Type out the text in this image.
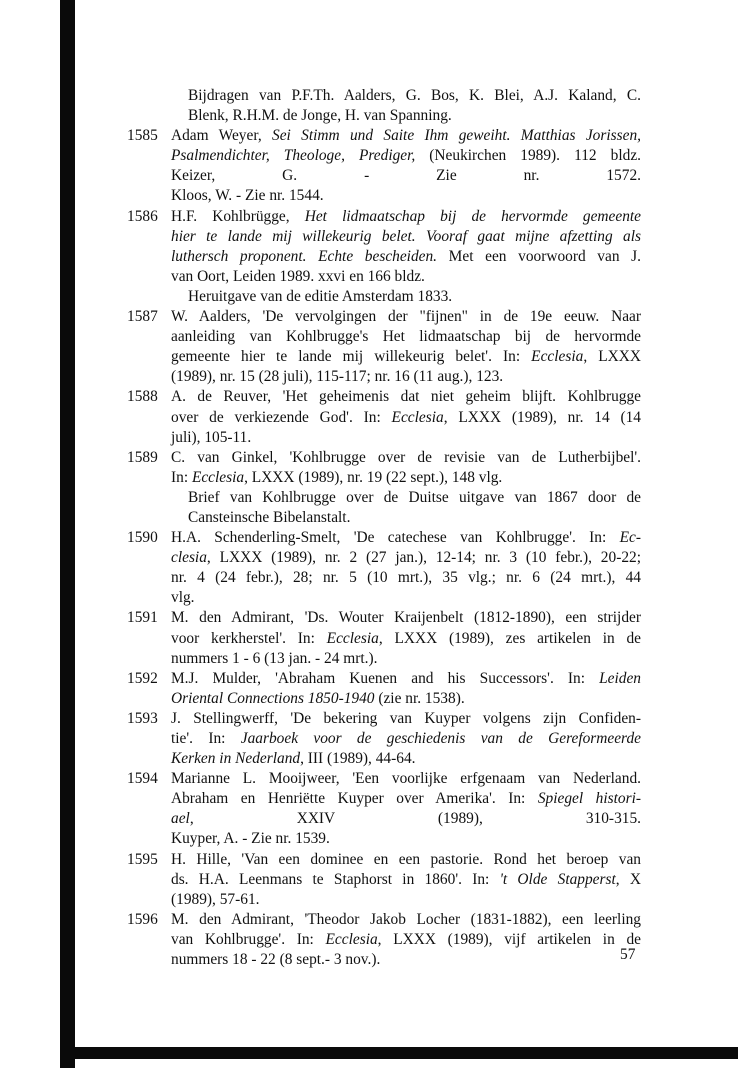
Bijdragen van P.F.Th. Aalders, G. Bos, K. Blei, A.J. Kaland, C.
Blenk, R.H.M. de Jonge, H. van Spanning.
1585 Adam Weyer, Sei Stimm und Saite Ihm geweiht. Matthias Jorissen,
Psalmendichter, Theologe, Prediger, (Neukirchen 1989). 112 bldz.
Keizer, G. - Zie nr. 1572.
Kloos, W. - Zie nr. 1544.
1586 H.F. Kohlbrügge, Het lidmaatschap bij de hervormde gemeente
hier te lande mij willekeurig belet. Vooraf gaat mijne afzetting als
luthersch proponent. Echte bescheiden. Met een voorwoord van J.
van Oort, Leiden 1989. xxvi en 166 bldz.
Heruitgave van de editie Amsterdam 1833.
1587 W. Aalders, 'De vervolgingen der "fijnen" in de 19e eeuw. Naar
aanleiding van Kohlbrugge's Het lidmaatschap bij de hervormde
gemeente hier te lande mij willekeurig belet'. In: Ecclesia, LXXX
(1989), nr. 15 (28 juli), 115-117; nr. 16 (11 aug.), 123.
1588 A. de Reuver, 'Het geheimenis dat niet geheim blijft. Kohlbrugge
over de verkiezende God'. In: Ecclesia, LXXX (1989), nr. 14 (14
juli), 105-11.
1589 C. van Ginkel, 'Kohlbrugge over de revisie van de Lutherbijbel'.
In: Ecclesia, LXXX (1989), nr. 19 (22 sept.), 148 vlg.
Brief van Kohlbrugge over de Duitse uitgave van 1867 door de
Cansteinsche Bibelanstalt.
1590 H.A. Schenderling-Smelt, 'De catechese van Kohlbrugge'. In: Ec-
clesia, LXXX (1989), nr. 2 (27 jan.), 12-14; nr. 3 (10 febr.), 20-22;
nr. 4 (24 febr.), 28; nr. 5 (10 mrt.), 35 vlg.; nr. 6 (24 mrt.), 44
vlg.
1591 M. den Admirant, 'Ds. Wouter Kraijenbelt (1812-1890), een strijder
voor kerkherstel'. In: Ecclesia, LXXX (1989), zes artikelen in de
nummers 1 - 6 (13 jan. - 24 mrt.).
1592 M.J. Mulder, 'Abraham Kuenen and his Successors'. In: Leiden
Oriental Connections 1850-1940 (zie nr. 1538).
1593 J. Stellingwerff, 'De bekering van Kuyper volgens zijn Confiden-
tie'. In: Jaarboek voor de geschiedenis van de Gereformeerde
Kerken in Nederland, III (1989), 44-64.
1594 Marianne L. Mooijweer, 'Een voorlijke erfgenaam van Nederland.
Abraham en Henriëtte Kuyper over Amerika'. In: Spiegel histori-
ael, XXIV (1989), 310-315.
Kuyper, A. - Zie nr. 1539.
1595 H. Hille, 'Van een dominee en een pastorie. Rond het beroep van
ds. H.A. Leenmans te Staphorst in 1860'. In: 't Olde Stapperst, X
(1989), 57-61.
1596 M. den Admirant, 'Theodor Jakob Locher (1831-1882), een leerling
van Kohlbrugge'. In: Ecclesia, LXXX (1989), vijf artikelen in de
nummers 18 - 22 (8 sept.- 3 nov.).	57
